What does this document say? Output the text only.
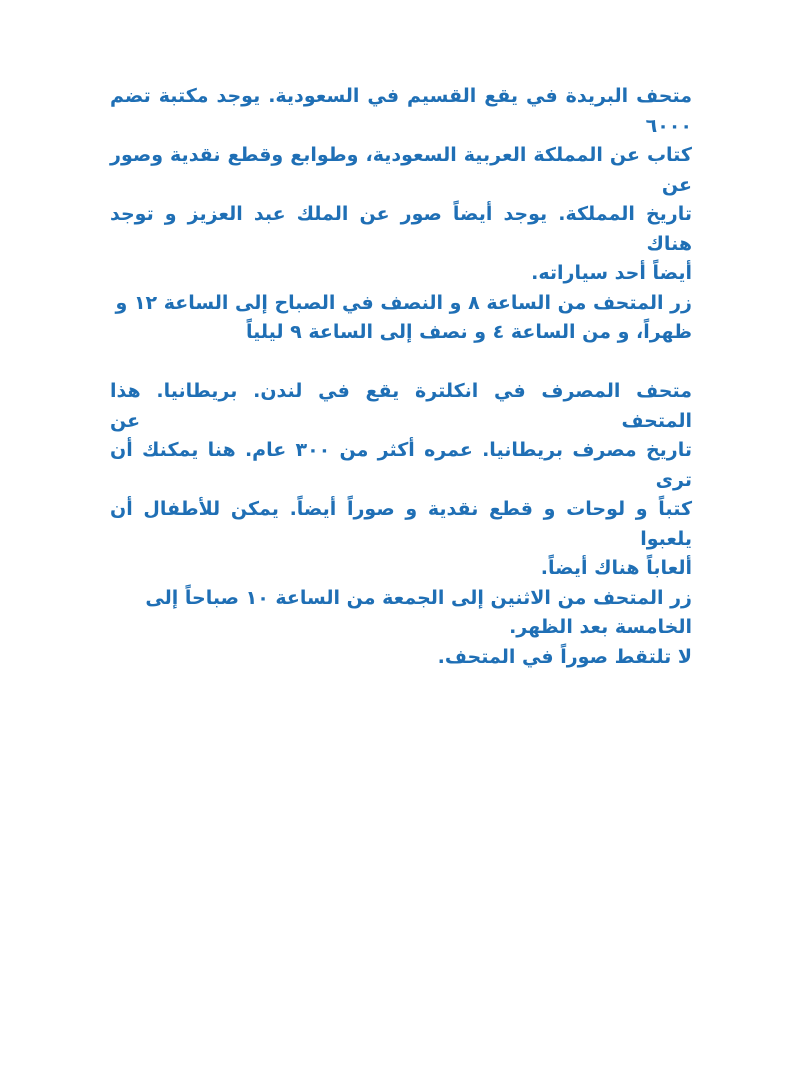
متحف البريدة في يقع القسيم في السعودية. يوجد مكتبة تضم ٦٠٠٠
كتاب عن المملكة العربية السعودية، وطوابع وقطع نقدية وصور عن
تاريخ المملكة. يوجد أيضاً صور عن الملك عبد العزيز و توجد هناك
أيضاً أحد سياراته.
زر المتحف من الساعة ٨ و النصف في الصباح إلى الساعة ١٢ و
ظهراً، و من الساعة ٤ و نصف إلى الساعة ٩ ليلياً
متحف المصرف في انكلترة يقع في لندن. بريطانيا. هذا المتحف عن
تاريخ مصرف بريطانيا. عمره أكثر من ٣٠٠ عام. هنا يمكنك أن ترى
كتباً و لوحات و قطع نقدية و صوراً أيضاً. يمكن للأطفال أن يلعبوا
ألعاباً هناك أيضاً.
زر المتحف من الاثنين إلى الجمعة من الساعة ١٠ صباحاً إلى
الخامسة بعد الظهر.
لا تلتقط صوراً في المتحف.
